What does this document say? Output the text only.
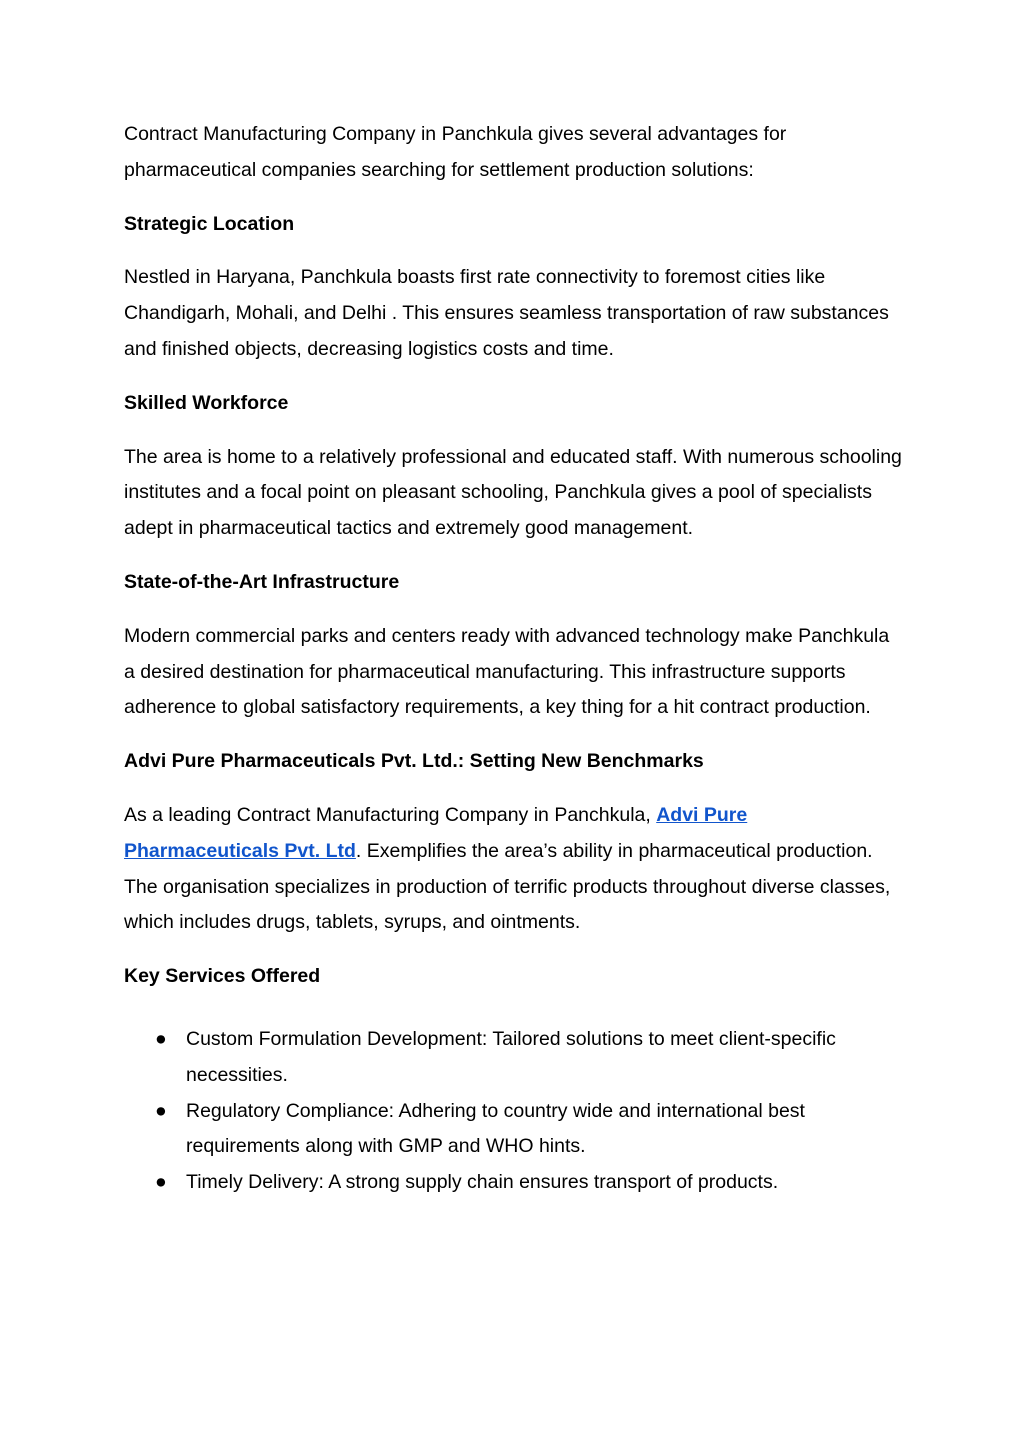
Contract Manufacturing Company in Panchkula gives several advantages for pharmaceutical companies searching for settlement production solutions:

Strategic Location

Nestled in Haryana, Panchkula boasts first rate connectivity to foremost cities like Chandigarh, Mohali, and Delhi . This ensures seamless transportation of raw substances and finished objects, decreasing logistics costs and time.

Skilled Workforce

The area is home to a relatively professional and educated staff. With numerous schooling institutes and a focal point on pleasant schooling, Panchkula gives a pool of specialists adept in pharmaceutical tactics and extremely good management.

State-of-the-Art Infrastructure

Modern commercial parks and centers ready with advanced technology make Panchkula a desired destination for pharmaceutical manufacturing. This infrastructure supports adherence to global satisfactory requirements, a key thing for a hit contract production.

Advi Pure Pharmaceuticals Pvt. Ltd.: Setting New Benchmarks

As a leading Contract Manufacturing Company in Panchkula, Advi Pure Pharmaceuticals Pvt. Ltd. Exemplifies the area’s ability in pharmaceutical production. The organisation specializes in production of terrific products throughout diverse classes, which includes drugs, tablets, syrups, and ointments.

Key Services Offered

● Custom Formulation Development: Tailored solutions to meet client-specific necessities.
● Regulatory Compliance: Adhering to country wide and international best requirements along with GMP and WHO hints.
● Timely Delivery: A strong supply chain ensures transport of products.
